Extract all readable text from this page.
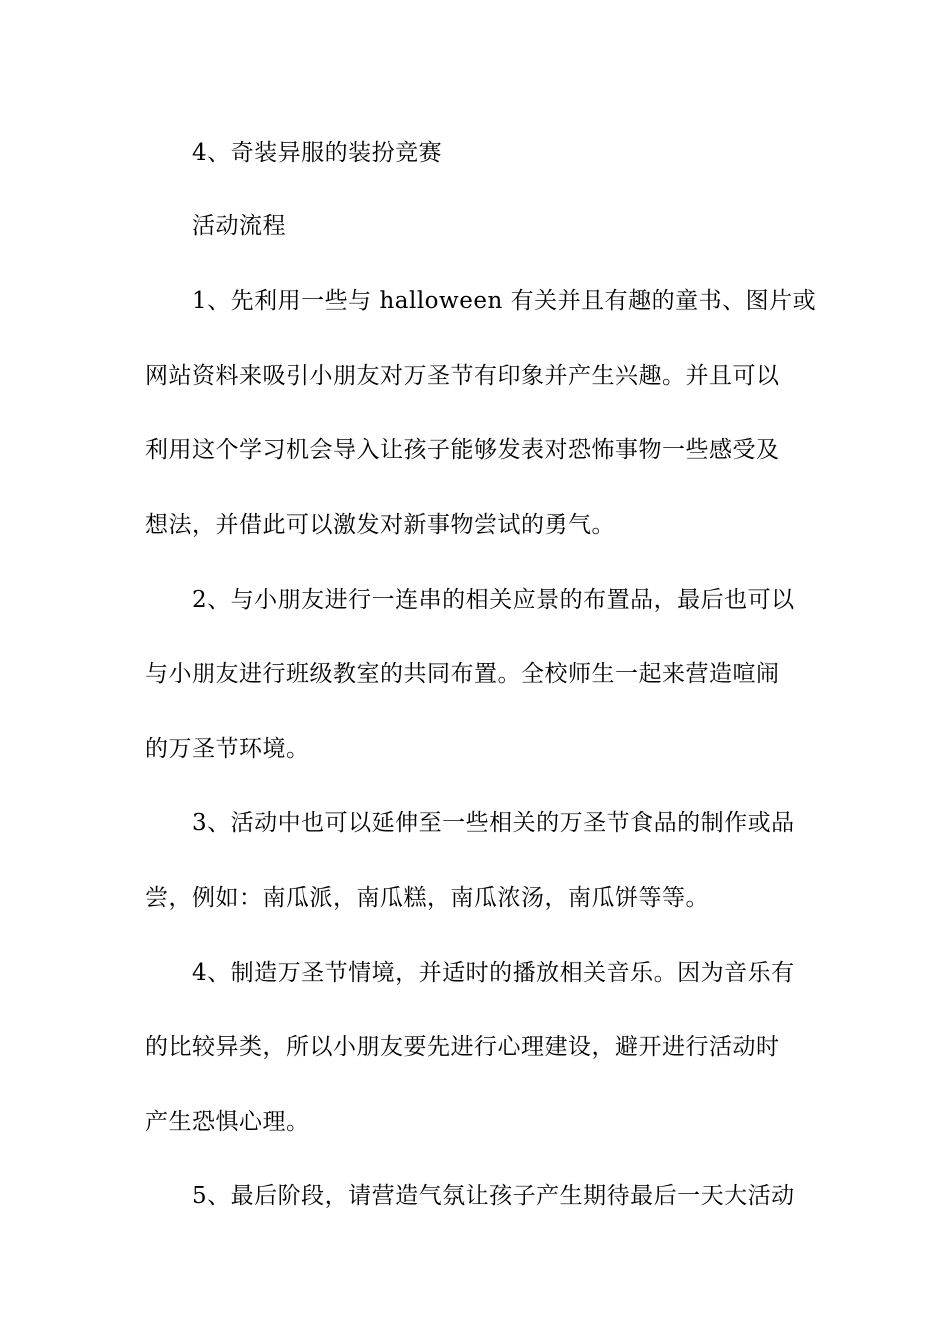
4、奇装异服的装扮竞赛
活动流程
1、先利用一些与 halloween 有关并且有趣的童书、图片或
网站资料来吸引小朋友对万圣节有印象并产生兴趣。并且可以
利用这个学习机会导入让孩子能够发表对恐怖事物一些感受及
想法，并借此可以激发对新事物尝试的勇气。
2、与小朋友进行一连串的相关应景的布置品，最后也可以
与小朋友进行班级教室的共同布置。全校师生一起来营造喧闹
的万圣节环境。
3、活动中也可以延伸至一些相关的万圣节食品的制作或品
尝，例如：南瓜派，南瓜糕，南瓜浓汤，南瓜饼等等。
4、制造万圣节情境，并适时的播放相关音乐。因为音乐有
的比较异类，所以小朋友要先进行心理建设，避开进行活动时
产生恐惧心理。
5、最后阶段，请营造气氛让孩子产生期待最后一天大活动
